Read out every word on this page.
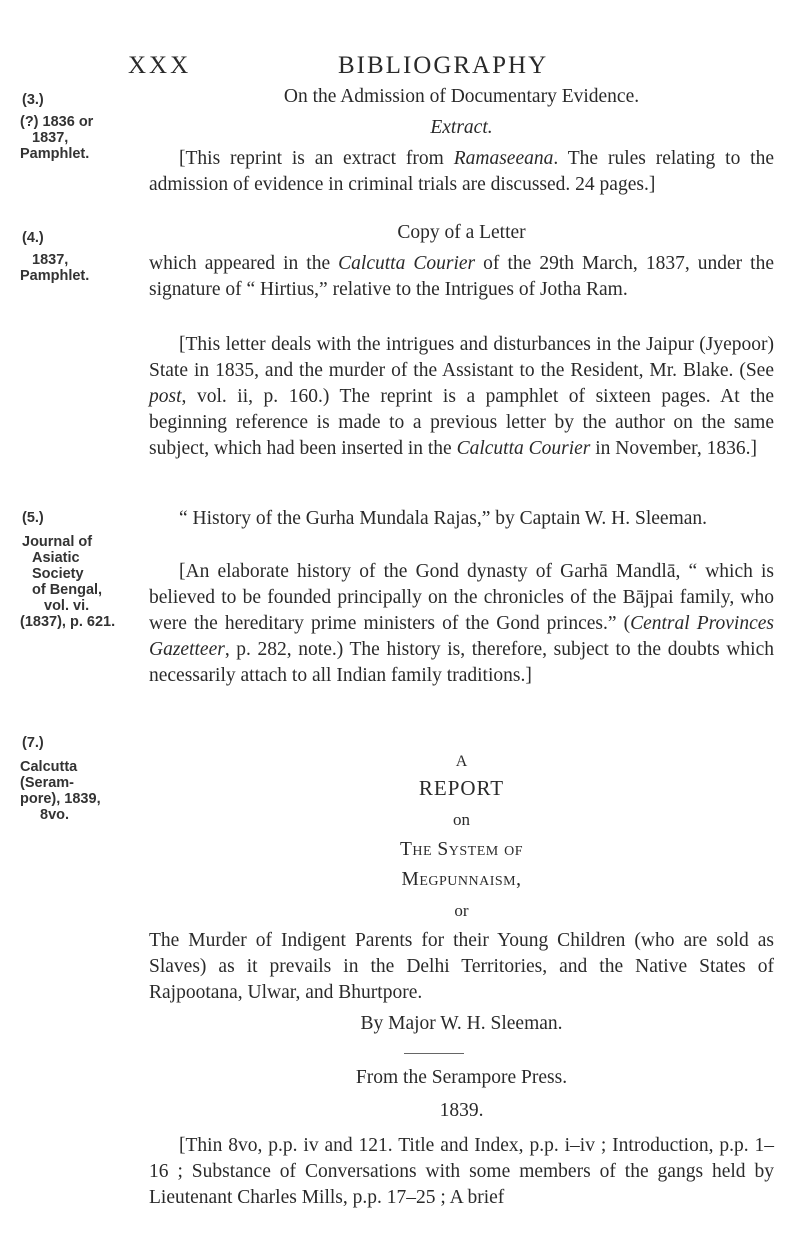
XXX	BIBLIOGRAPHY
(3.)
(?) 1836 or
1837,
Pamphlet.
(4.)
1837,
Pamphlet.
(5.)
Journal of
Asiatic
Society
of Bengal,
vol. vi.
(1837), p. 621.
(7.)
Calcutta
(Seram-
pore), 1839,
8vo.
On the Admission of Documentary Evidence.
Extract.
[This reprint is an extract from Ramaseeana. The rules relating to the admission of evidence in criminal trials are discussed. 24 pages.]
Copy of a Letter
which appeared in the Calcutta Courier of the 29th March, 1837, under the signature of “ Hirtius,” relative to the Intrigues of Jotha Ram.
[This letter deals with the intrigues and disturbances in the Jaipur (Jyepoor) State in 1835, and the murder of the Assistant to the Resident, Mr. Blake. (See post, vol. ii, p. 160.) The reprint is a pamphlet of sixteen pages. At the beginning reference is made to a previous letter by the author on the same subject, which had been inserted in the Calcutta Courier in November, 1836.]
“ History of the Gurha Mundala Rajas,” by Captain W. H. Sleeman.
[An elaborate history of the Gond dynasty of Garhā Mandlā, “ which is believed to be founded principally on the chronicles of the Bājpai family, who were the hereditary prime ministers of the Gond princes.” (Central Provinces Gazetteer, p. 282, note.) The history is, therefore, subject to the doubts which necessarily attach to all Indian family traditions.]
A
REPORT
on
The System of
Megpunnaism,
or
The Murder of Indigent Parents for their Young Children (who are sold as Slaves) as it prevails in the Delhi Territories, and the Native States of Rajpootana, Ulwar, and Bhurtpore.
By Major W. H. Sleeman.
From the Serampore Press.
1839.
[Thin 8vo, p.p. iv and 121. Title and Index, p.p. i–iv ; Introduction, p.p. 1–16 ; Substance of Conversations with some members of the gangs held by Lieutenant Charles Mills, p.p. 17–25 ; A brief
